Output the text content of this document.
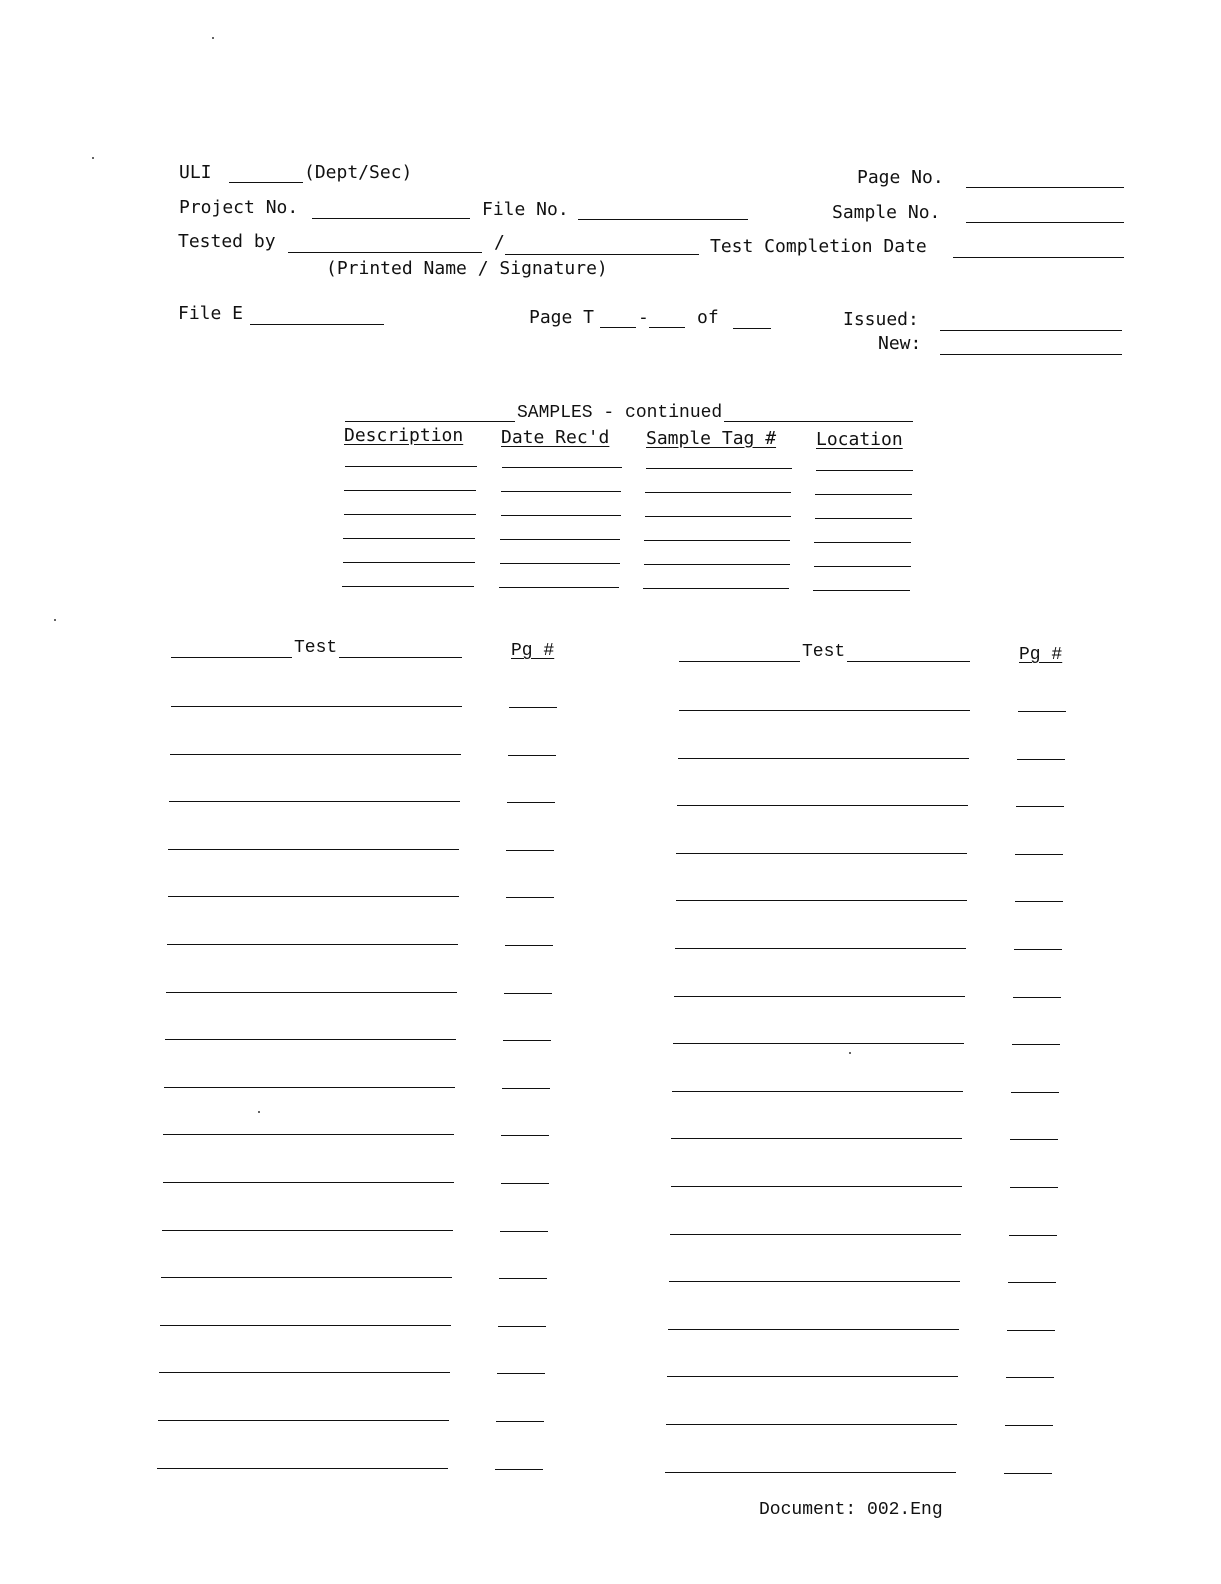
ULI	(Dept/Sec)	Page No.
Project No.	File No.	Sample No.
Tested by	/	Test Completion Date
(Printed Name / Signature)
File E	Page T -	of	Issued:
New:
SAMPLES - continued
Description Date Rec'd Sample Tag # Location
Test	Pg #	Test	Pg #
Document: 002.Eng
